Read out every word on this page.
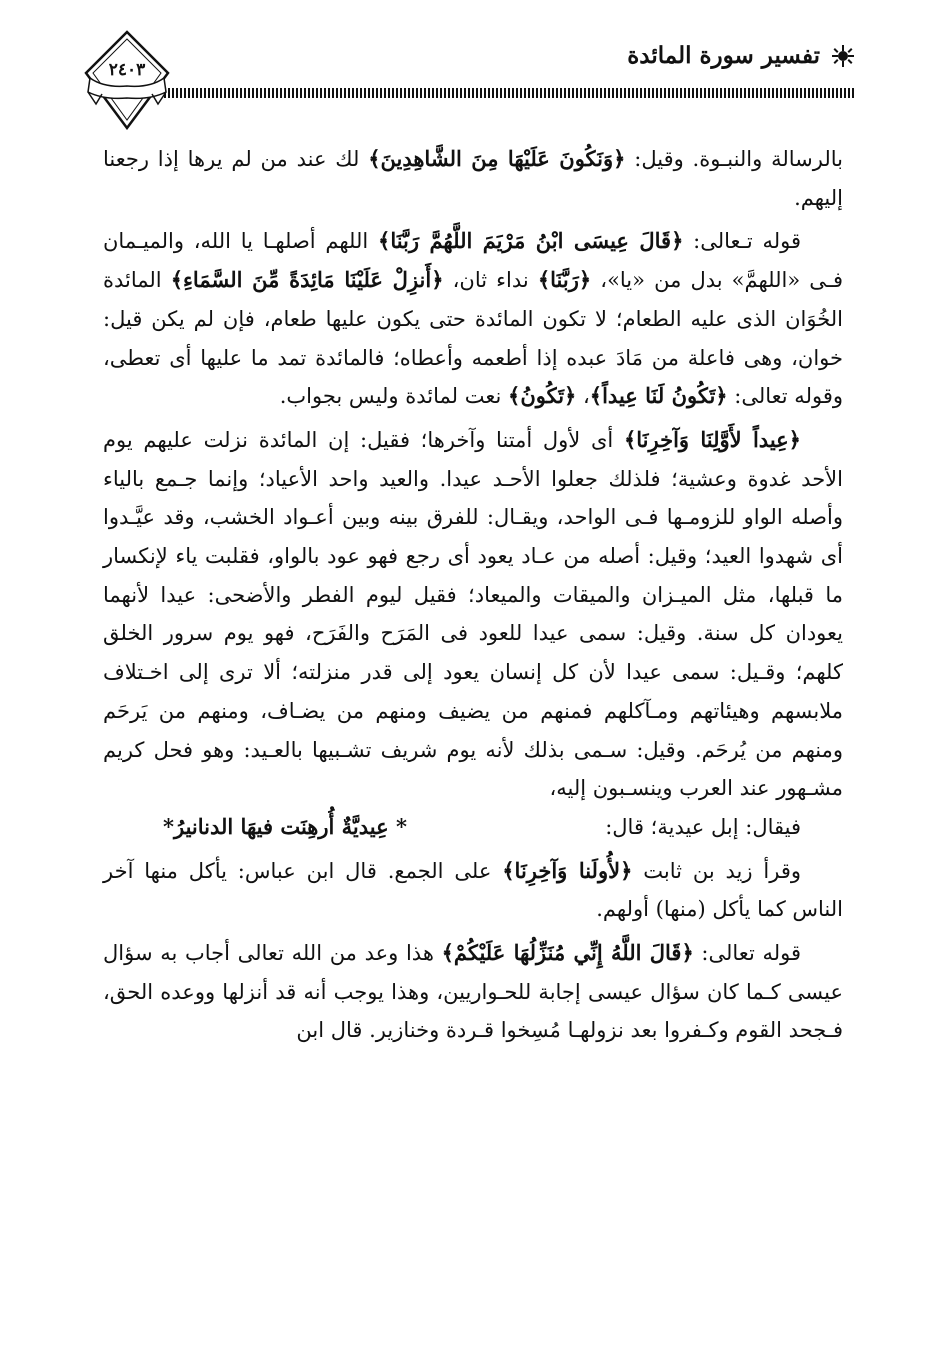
تفسير سورة المائدة
٢٤٠٣

بالرسالة والنبـوة. وقيل: ﴿وَنَكُونَ عَلَيْهَا مِنَ الشَّاهِدِينَ﴾ لك عند من لم يرها إذا رجعنا إليهم.

قوله تـعالى: ﴿قَالَ عِيسَى ابْنُ مَرْيَمَ اللَّهُمَّ رَبَّنَا﴾ اللهم أصلهـا يا الله، والميـمان فـى «اللهمَّ» بدل من «يا»، ﴿رَبَّنَا﴾ نداء ثان، ﴿أَنزِلْ عَلَيْنَا مَائِدَةً مِّنَ السَّمَاءِ﴾ المائدة الخُوَان الذى عليه الطعام؛ لا تكون المائدة حتى يكون عليها طعام، فإن لم يكن قيل: خوان، وهى فاعلة من مَادَ عبده إذا أطعمه وأعطاه؛ فالمائدة تمد ما عليها أى تعطى، وقوله تعالى: ﴿تَكُونُ لَنَا عِيداً﴾، ﴿تَكُونُ﴾ نعت لمائدة وليس بجواب.

﴿عِيداً لأَوَّلِنَا وَآخِرِنَا﴾ أى لأول أمتنا وآخرها؛ فقيل: إن المائدة نزلت عليهم يوم الأحد غدوة وعشية؛ فلذلك جعلوا الأحـد عيدا. والعيد واحد الأعياد؛ وإنما جـمع بالياء وأصله الواو للزومـها فـى الواحد، ويقـال: للفرق بينه وبين أعـواد الخشب، وقد عيَّـدوا أى شهدوا العيد؛ وقيل: أصله من عـاد يعود أى رجع فهو عود بالواو، فقلبت ياء لإنكسار ما قبلها، مثل الميـزان والميقات والميعاد؛ فقيل ليوم الفطر والأضحى: عيدا لأنهما يعودان كل سنة. وقيل: سمى عيدا للعود فى المَرَح والفَرَح، فهو يوم سرور الخلق كلهم؛ وقـيل: سمى عيدا لأن كل إنسان يعود إلى قدر منزلته؛ ألا ترى إلى اخـتلاف ملابسهم وهيئاتهم ومـآكلهم فمنهم من يضيف ومنهم من يضـاف، ومنهم من يَرحَم ومنهم من يُرحَم. وقيل: سـمى بذلك لأنه يوم شريف تشـبيها بالعـيد: وهو فحل كريم مشـهور عند العرب وينسـبون إليه،
فيقال: إبل عيدية؛ قال:
* عِيديَّةٌ أُرهِنَت فيهَا الدنانيرُ*

وقرأ زيد بن ثابت ﴿لأُولَنا وَآخِرِنَا﴾ على الجمع. قال ابن عباس: يأكل منها آخر الناس كما يأكل (منها) أولهم.

قوله تعالى: ﴿قَالَ اللَّهُ إِنِّي مُنَزِّلُهَا عَلَيْكُمْ﴾ هذا وعد من الله تعالى أجاب به سؤال عيسى كـما كان سؤال عيسى إجابة للحـواريين، وهذا يوجب أنه قد أنزلها ووعده الحق، فـجحد القوم وكـفروا بعد نزولهـا مُسِخوا قـردة وخنازير. قال ابن
